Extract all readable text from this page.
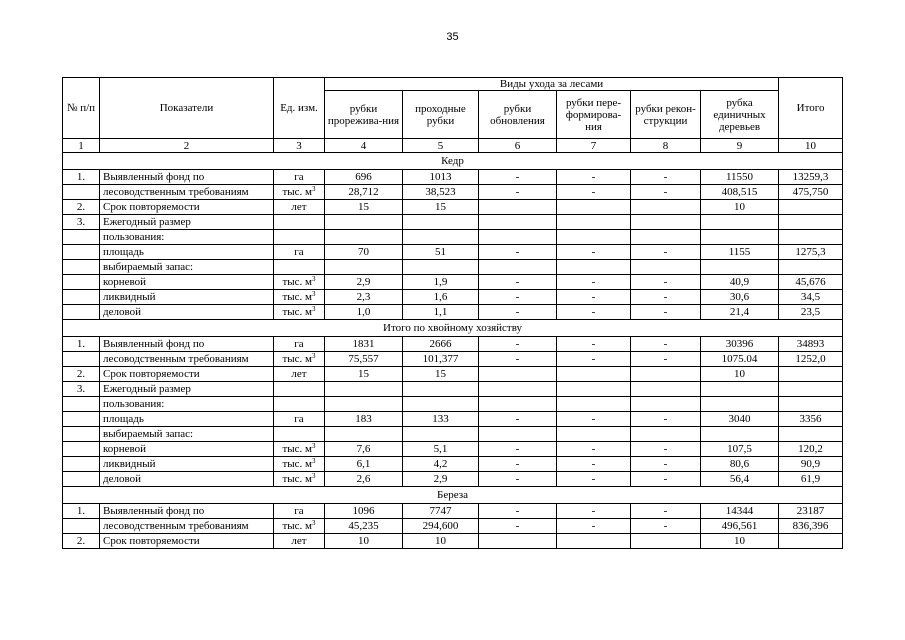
35
№ п/п	Показатели	Ед. изм.	Виды ухода за лесами						Итого
			рубки прорежива-ния	проходные рубки	рубки обновления	рубки пере-формирова-ния	рубки рекон-струкции	рубка единичных деревьев	
1	2	3	4	5	6	7	8	9	10
Кедр									
1.	Выявленный фонд по	га	696	1013	-	-	-	11550	13259,3
	лесоводственным требованиям	тыс. $м^3$	28,712	38,523	-	-	-	408,515	475,750
2.	Срок повторяемости	лет	15	15				10	
3.	Ежегодный размер								
	пользования:								
	площадь	га	70	51	-	-	-	1155	1275,3
	выбираемый запас:								
	корневой	тыс. $м^3$	2,9	1,9	-	-	-	40,9	45,676
	ликвидный	тыс. $м^3$	2,3	1,6	-	-	-	30,6	34,5
	деловой	тыс. $м^3$	1,0	1,1	-	-	-	21,4	23,5
Итого по хвойному хозяйству									
1.	Выявленный фонд по	га	1831	2666	-	-	-	30396	34893
	лесоводственным требованиям	тыс. $м^3$	75,557	101,377	-	-	-	1075.04	1252,0
2.	Срок повторяемости	лет	15	15				10	
3.	Ежегодный размер								
	пользования:								
	площадь	га	183	133	-	-	-	3040	3356
	выбираемый запас:								
	корневой	тыс. $м^3$	7,6	5,1	-	-	-	107,5	120,2
	ликвидный	тыс. $м^3$	6,1	4,2	-	-	-	80,6	90,9
	деловой	тыс. $м^3$	2,6	2,9	-	-	-	56,4	61,9
Береза									
1.	Выявленный фонд по	га	1096	7747	-	-	-	14344	23187
	лесоводственным требованиям	тыс. $м^3$	45,235	294,600	-	-	-	496,561	836,396
2.	Срок повторяемости	лет	10	10				10	
